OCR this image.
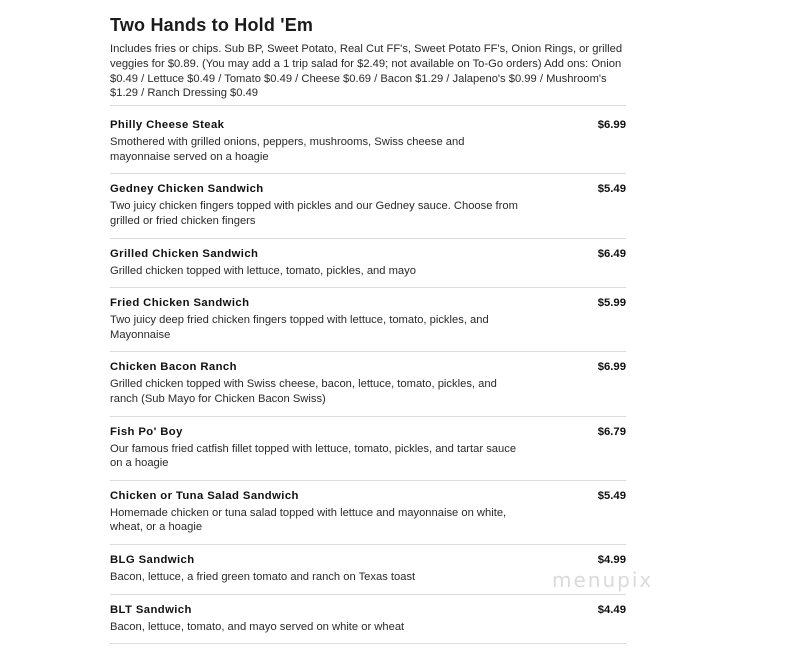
Two Hands to Hold 'Em
Includes fries or chips. Sub BP, Sweet Potato, Real Cut FF's, Sweet Potato FF's, Onion Rings, or grilled veggies for $0.89. (You may add a 1 trip salad for $2.49; not available on To-Go orders) Add ons: Onion $0.49 / Lettuce $0.49 / Tomato $0.49 / Cheese $0.69 / Bacon $1.29 / Jalapeno's $0.99 / Mushroom's $1.29 / Ranch Dressing $0.49
Philly Cheese Steak	$6.99
Smothered with grilled onions, peppers, mushrooms, Swiss cheese and mayonnaise served on a hoagie
Gedney Chicken Sandwich	$5.49
Two juicy chicken fingers topped with pickles and our Gedney sauce. Choose from grilled or fried chicken fingers
Grilled Chicken Sandwich	$6.49
Grilled chicken topped with lettuce, tomato, pickles, and mayo
Fried Chicken Sandwich	$5.99
Two juicy deep fried chicken fingers topped with lettuce, tomato, pickles, and Mayonnaise
Chicken Bacon Ranch	$6.99
Grilled chicken topped with Swiss cheese, bacon, lettuce, tomato, pickles, and ranch (Sub Mayo for Chicken Bacon Swiss)
Fish Po' Boy	$6.79
Our famous fried catfish fillet topped with lettuce, tomato, pickles, and tartar sauce on a hoagie
Chicken or Tuna Salad Sandwich	$5.49
Homemade chicken or tuna salad topped with lettuce and mayonnaise on white, wheat, or a hoagie
BLG Sandwich	$4.99
Bacon, lettuce, a fried green tomato and ranch on Texas toast
BLT Sandwich	$4.49
Bacon, lettuce, tomato, and mayo served on white or wheat
menupix
